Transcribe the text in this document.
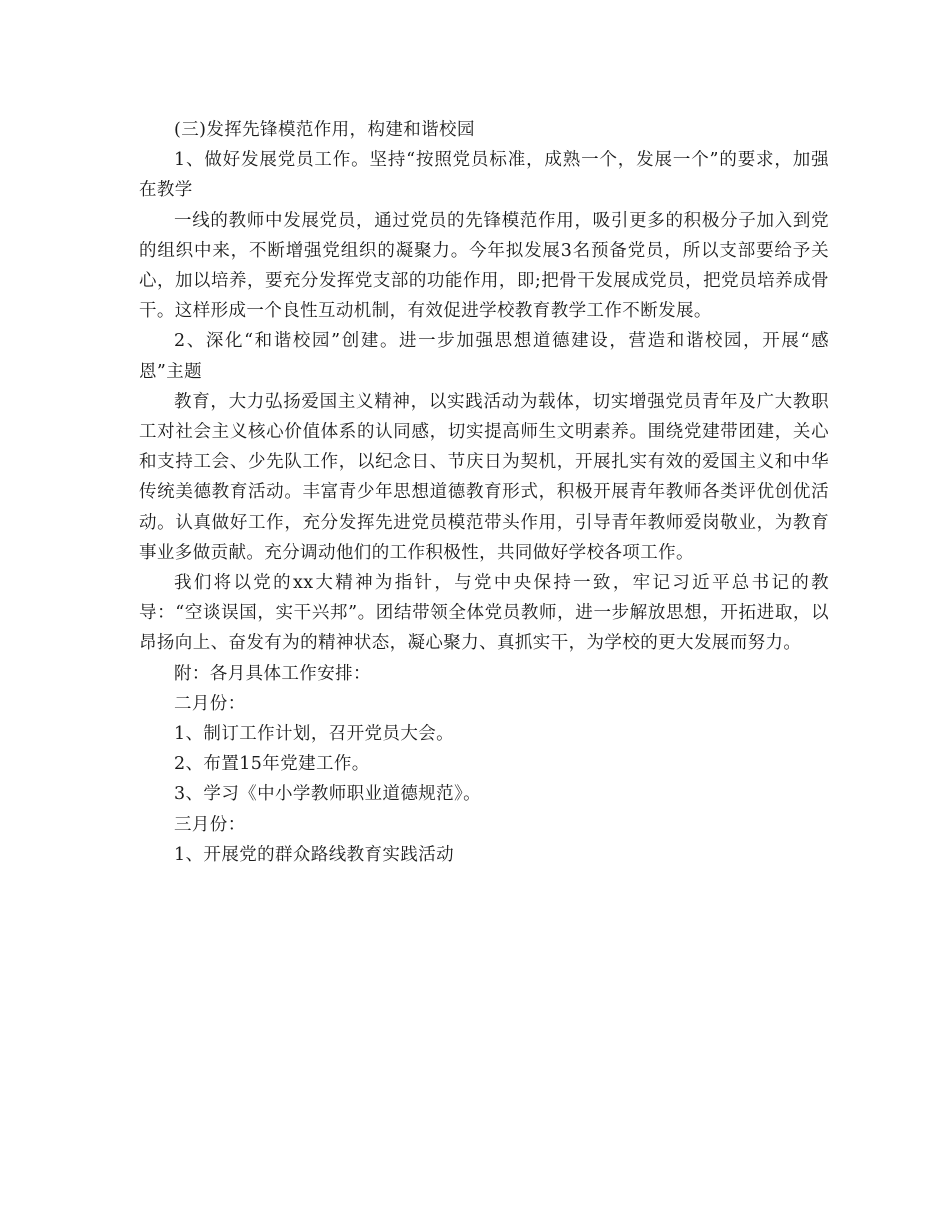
(三)发挥先锋模范作用，构建和谐校园

1、做好发展党员工作。坚持“按照党员标准，成熟一个，发展一个”的要求，加强在教学

一线的教师中发展党员，通过党员的先锋模范作用，吸引更多的积极分子加入到党的组织中来，不断增强党组织的凝聚力。今年拟发展3名预备党员，所以支部要给予关心，加以培养，要充分发挥党支部的功能作用，即;把骨干发展成党员，把党员培养成骨干。这样形成一个良性互动机制，有效促进学校教育教学工作不断发展。

2、深化“和谐校园”创建。进一步加强思想道德建设，营造和谐校园，开展“感恩”主题

教育，大力弘扬爱国主义精神，以实践活动为载体，切实增强党员青年及广大教职工对社会主义核心价值体系的认同感，切实提高师生文明素养。围绕党建带团建，关心和支持工会、少先队工作，以纪念日、节庆日为契机，开展扎实有效的爱国主义和中华传统美德教育活动。丰富青少年思想道德教育形式，积极开展青年教师各类评优创优活动。认真做好工作，充分发挥先进党员模范带头作用，引导青年教师爱岗敬业，为教育事业多做贡献。充分调动他们的工作积极性，共同做好学校各项工作。

我们将以党的xx大精神为指针，与党中央保持一致，牢记习近平总书记的教导：“空谈误国，实干兴邦”。团结带领全体党员教师，进一步解放思想，开拓进取，以昂扬向上、奋发有为的精神状态，凝心聚力、真抓实干，为学校的更大发展而努力。

附：各月具体工作安排：

二月份：

1、制订工作计划，召开党员大会。

2、布置15年党建工作。

3、学习《中小学教师职业道德规范》。

三月份：

1、开展党的群众路线教育实践活动
